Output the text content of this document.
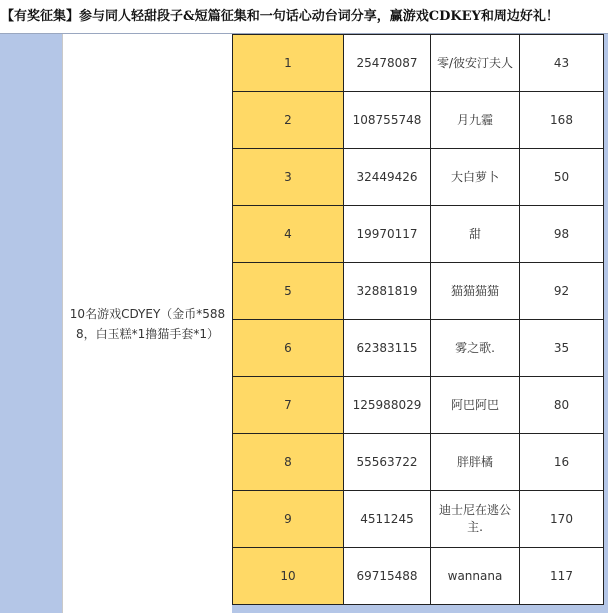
【有奖征集】参与同人轻甜段子&短篇征集和一句话心动台词分享，赢游戏CDKEY和周边好礼！
10名游戏CDYEY（金币*5888，白玉糕*1撸猫手套*1）
1	25478087	零/彼安汀夫人	43
2	108755748	月九霾	168
3	32449426	大白萝卜	50
4	19970117	甜	98
5	32881819	猫猫猫猫	92
6	62383115	雾之歌.	35
7	125988029	阿巴阿巴	80
8	55563722	胖胖橘	16
9	4511245	迪士尼在逃公主.	170
10	69715488	wannana	117
